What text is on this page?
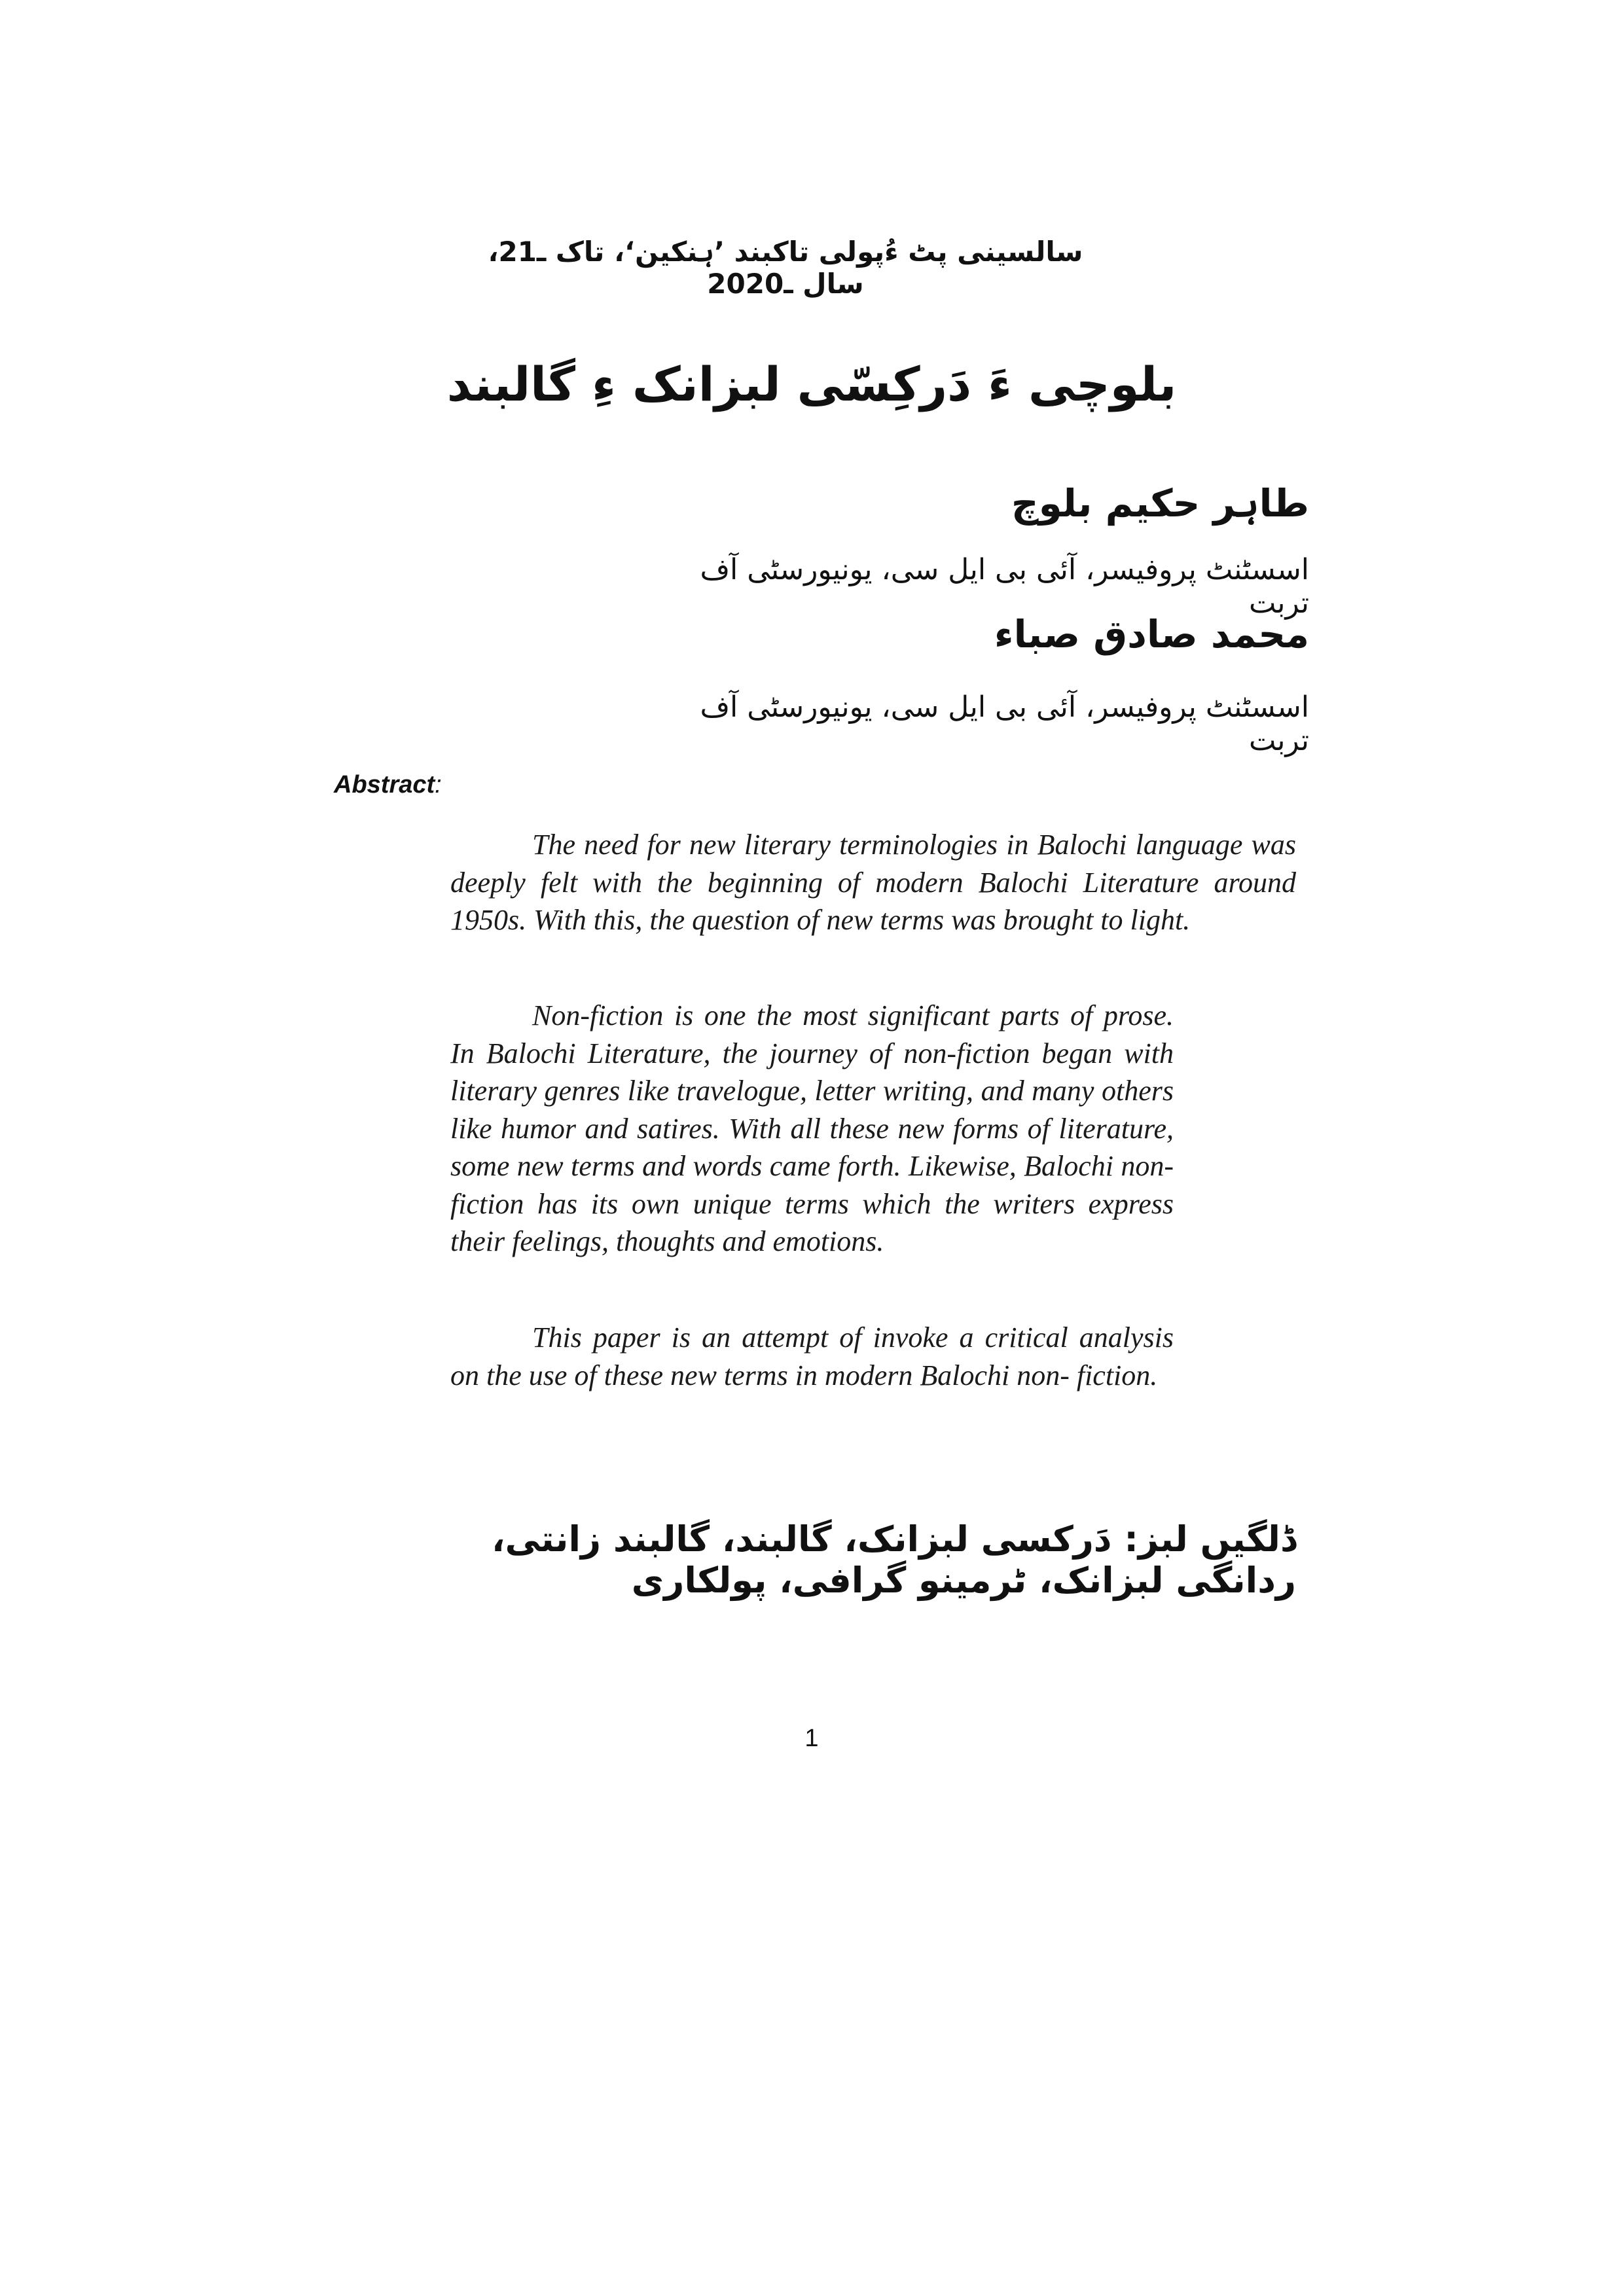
سالسینی پٹ ءُپولی تاکبند ’ہنکین‘، تاک ـ21، سال ـ2020
بلوچی ءَ دَرکِسّی لبزانک ءِ گالبند
طاہر حکیم بلوچ
اسسٹنٹ پروفیسر، آئی بی ایل سی، یونیورسٹی آف تربت
محمد صادق صباء
اسسٹنٹ پروفیسر، آئی بی ایل سی، یونیورسٹی آف تربت
Abstract:

The need for new literary terminologies in Balochi language was deeply felt with the beginning of modern Balochi Literature around 1950s. With this, the question of new terms was brought to light.

Non-fiction is one the most significant parts of prose. In Balochi Literature, the journey of non-fiction began with literary genres like travelogue, letter writing, and many others like humor and satires. With all these new forms of literature, some new terms and words came forth. Likewise, Balochi non-fiction has its own unique terms which the writers express their feelings, thoughts and emotions.

This paper is an attempt of invoke a critical analysis on the use of these new terms in modern Balochi non- fiction.

ڈلگیں لبز: دَرکسی لبزانک، گالبند، گالبند زانتی، ردانگی لبزانک، ٹرمینو گرافی، پولکاری
1
